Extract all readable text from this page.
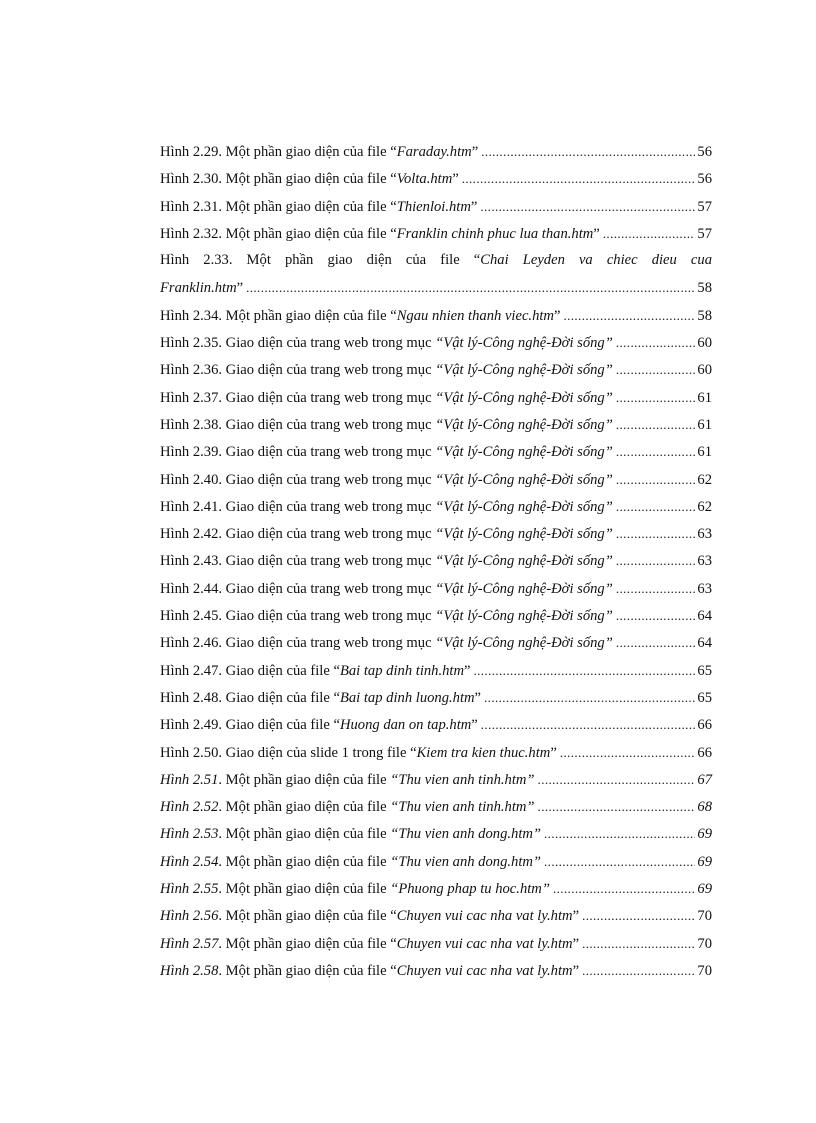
Hình 2.29. Một phần giao diện của file “Faraday.htm” .....	56
Hình 2.30. Một phần giao diện của file “Volta.htm” .....	56
Hình 2.31. Một phần giao diện của file “Thienloi.htm” .....	57
Hình 2.32. Một phần giao diện của file “Franklin chinh phuc lua than.htm” .....	57
Hình 2.33. Một phần giao diện của file “Chai Leyden va chiec dieu cua
Franklin.htm” .....	58
Hình 2.34. Một phần giao diện của file “Ngau nhien thanh viec.htm” .....	58
Hình 2.35. Giao diện của trang web trong mục “Vật lý-Công nghệ-Đời sống” .....	60
Hình 2.36. Giao diện của trang web trong mục “Vật lý-Công nghệ-Đời sống” .....	60
Hình 2.37. Giao diện của trang web trong mục “Vật lý-Công nghệ-Đời sống” .....	61
Hình 2.38. Giao diện của trang web trong mục “Vật lý-Công nghệ-Đời sống” .....	61
Hình 2.39. Giao diện của trang web trong mục “Vật lý-Công nghệ-Đời sống” .....	61
Hình 2.40. Giao diện của trang web trong mục “Vật lý-Công nghệ-Đời sống” .....	62
Hình 2.41. Giao diện của trang web trong mục “Vật lý-Công nghệ-Đời sống” .....	62
Hình 2.42. Giao diện của trang web trong mục “Vật lý-Công nghệ-Đời sống” .....	63
Hình 2.43. Giao diện của trang web trong mục “Vật lý-Công nghệ-Đời sống” .....	63
Hình 2.44. Giao diện của trang web trong mục “Vật lý-Công nghệ-Đời sống” .....	63
Hình 2.45. Giao diện của trang web trong mục “Vật lý-Công nghệ-Đời sống” .....	64
Hình 2.46. Giao diện của trang web trong mục “Vật lý-Công nghệ-Đời sống” .....	64
Hình 2.47. Giao diện của file “Bai tap dinh tinh.htm” .....	65
Hình 2.48. Giao diện của file “Bai tap dinh luong.htm” .....	65
Hình 2.49. Giao diện của file “Huong dan on tap.htm” .....	66
Hình 2.50. Giao diện của slide 1 trong file “Kiem tra kien thuc.htm” .....	66
Hình 2.51. Một phần giao diện của file “Thu vien anh tinh.htm” .....	67
Hình 2.52. Một phần giao diện của file “Thu vien anh tinh.htm” .....	68
Hình 2.53. Một phần giao diện của file “Thu vien anh dong.htm” .....	69
Hình 2.54. Một phần giao diện của file “Thu vien anh dong.htm” .....	69
Hình 2.55. Một phần giao diện của file “Phuong phap tu hoc.htm” .....	69
Hình 2.56. Một phần giao diện của file “Chuyen vui cac nha vat ly.htm” .....	70
Hình 2.57. Một phần giao diện của file “Chuyen vui cac nha vat ly.htm” .....	70
Hình 2.58. Một phần giao diện của file “Chuyen vui cac nha vat ly.htm” .....	70
